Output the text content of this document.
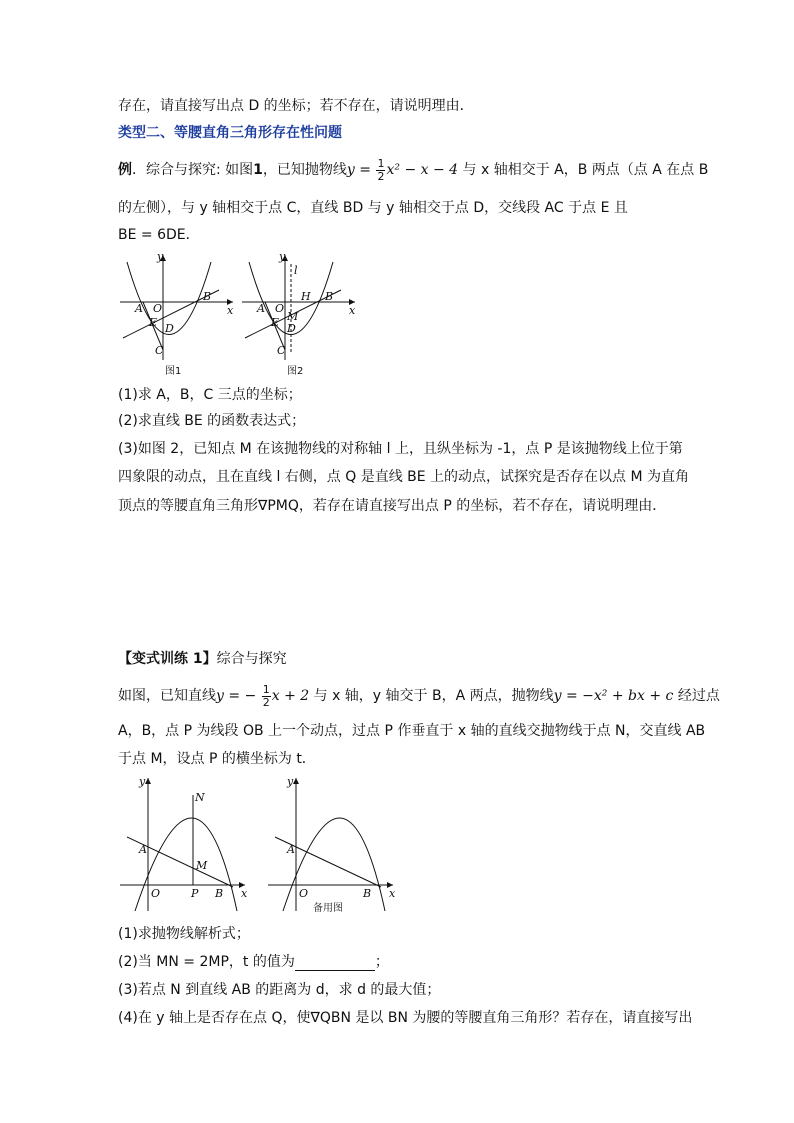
存在，请直接写出点 D 的坐标；若不存在，请说明理由．
类型二、等腰直角三角形存在性问题
例．综合与探究: 如图1，已知抛物线$y = \frac{1}{2} x^2 - x - 4$ 与 x 轴相交于 A，B 两点（点 A 在点 B
的左侧），与 y 轴相交于点 C，直线 BD 与 y 轴相交于点 D，交线段 AC 于点 E 且
BE = 6DE．
y
x
O
A
B
C
D
E
图1
y
x
O
A
B
C
D
E
H
M
l
图2
(1)求 A，B，C 三点的坐标；
(2)求直线 BE 的函数表达式；
(3)如图 2，已知点 M 在该抛物线的对称轴 l 上，且纵坐标为 -1，点 P 是该抛物线上位于第
四象限的动点，且在直线 l 右侧，点 Q 是直线 BE 上的动点，试探究是否存在以点 M 为直角
顶点的等腰直角三角形∇PMQ，若存在请直接写出点 P 的坐标，若不存在，请说明理由．
【变式训练 1】综合与探究
如图，已知直线y = − $\frac{1}{2}$ x + 2 与 x 轴，y 轴交于 B，A 两点，抛物线y = −x² + bx + c 经过点
A，B，点 P 为线段 OB 上一个动点，过点 P 作垂直于 x 轴的直线交抛物线于点 N，交直线 AB
于点 M，设点 P 的横坐标为 t．
y
x
O
A
B
P
M
N
y
x
O
A
B
备用图
(1)求抛物线解析式；
(2)当 MN = 2MP，t 的值为	；
(3)若点 N 到直线 AB 的距离为 d，求 d 的最大值；
(4)在 y 轴上是否存在点 Q，使∇QBN 是以 BN 为腰的等腰直角三角形？若存在，请直接写出
